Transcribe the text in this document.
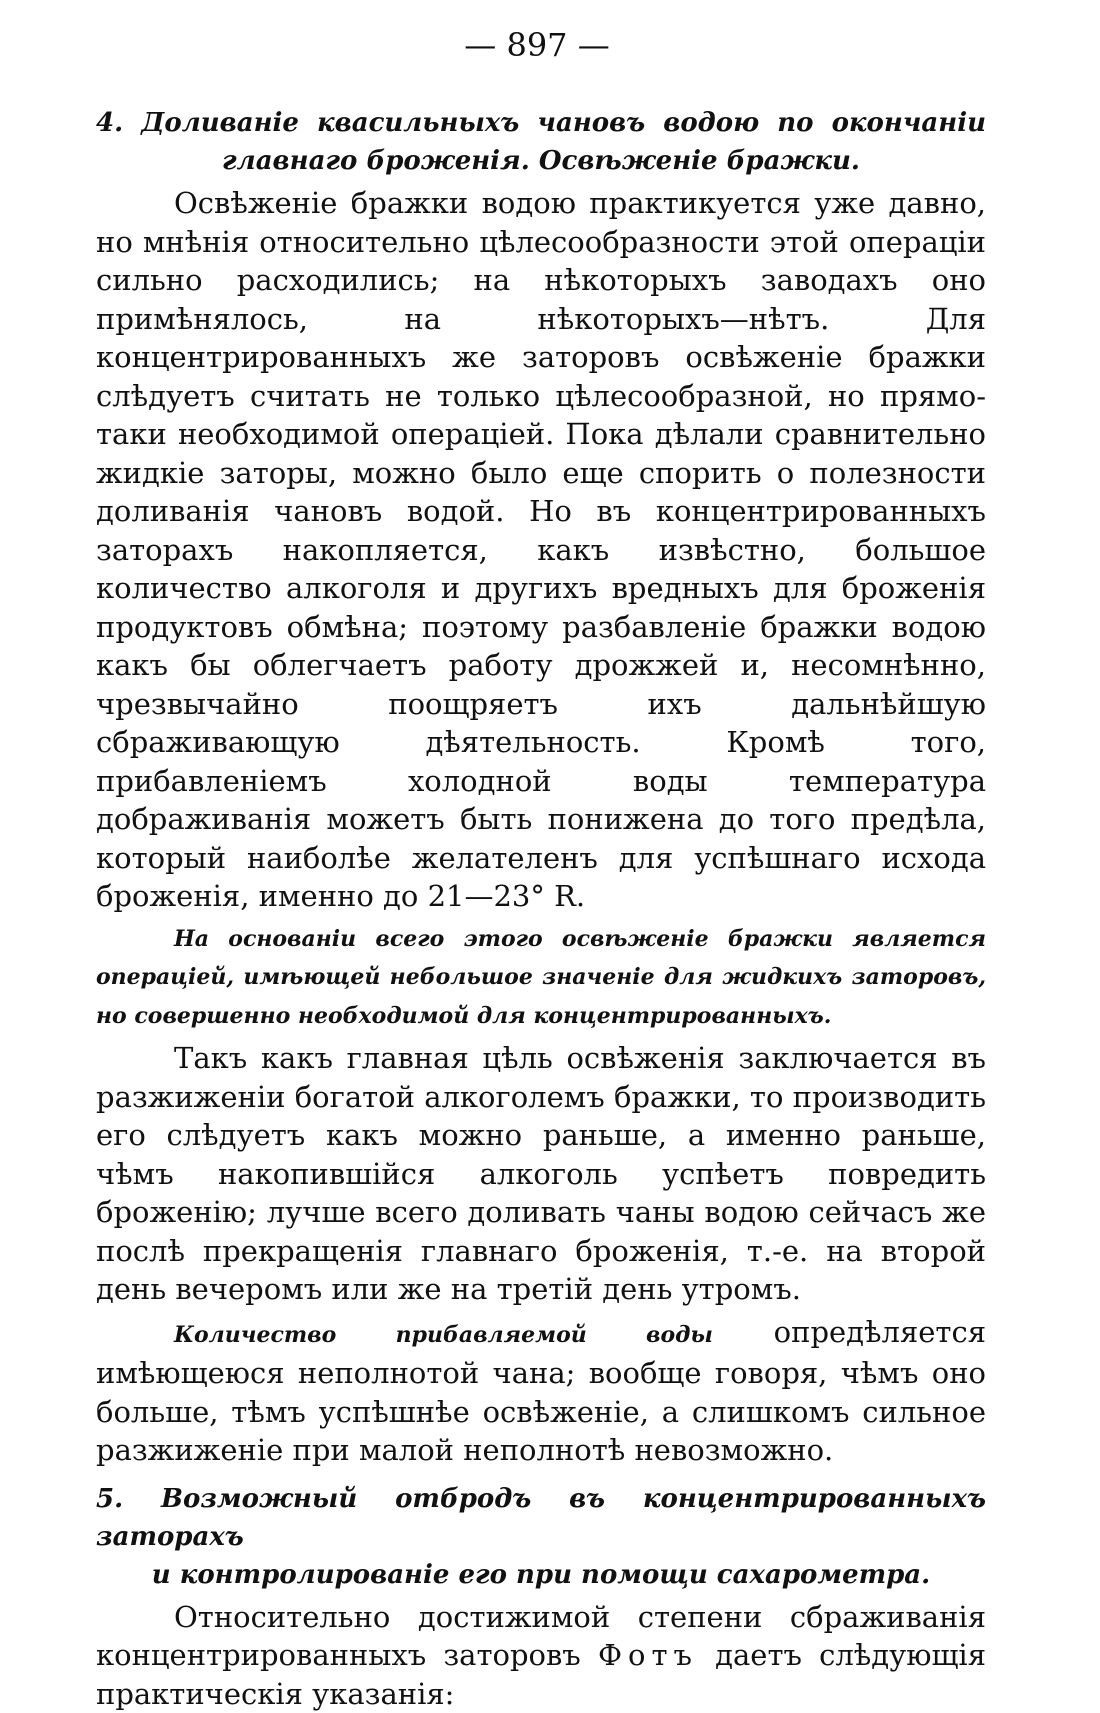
— 897 —
4. Доливаніе квасильныхъ чановъ водою по окончаніи
главнаго броженія. Освѣженіе бражки.

Освѣженіе бражки водою практикуется уже давно, но мнѣнія относительно цѣлесообразности этой операціи сильно расходились; на нѣкоторыхъ заводахъ оно примѣнялось, на нѣкоторыхъ—нѣтъ. Для концентрированныхъ же заторовъ освѣженіе бражки слѣдуетъ считать не только цѣлесообразной, но прямо-таки необходимой операціей. Пока дѣлали сравнительно жидкіе заторы, можно было еще спорить о полезности доливанія чановъ водой. Но въ концентрированныхъ заторахъ накопляется, какъ извѣстно, большое количество алкоголя и другихъ вредныхъ для броженія продуктовъ обмѣна; поэтому разбавленіе бражки водою какъ бы облегчаетъ работу дрожжей и, несомнѣнно, чрезвычайно поощряетъ ихъ дальнѣйшую сбраживающую дѣятельность. Кромѣ того, прибавленіемъ холодной воды температура дображиванія можетъ быть понижена до того предѣла, который наиболѣе желателенъ для успѣшнаго исхода броженія, именно до 21—23° R.

На основаніи всего этого освѣженіе бражки является операціей, имѣющей небольшое значеніе для жидкихъ заторовъ, но совершенно необходимой для концентрированныхъ.

Такъ какъ главная цѣль освѣженія заключается въ разжиженіи богатой алкоголемъ бражки, то производить его слѣдуетъ какъ можно раньше, а именно раньше, чѣмъ накопившійся алкоголь успѣетъ повредить броженію; лучше всего доливать чаны водою сейчасъ же послѣ прекращенія главнаго броженія, т.-е. на второй день вечеромъ или же на третій день утромъ.

Количество прибавляемой воды опредѣляется имѣющеюся неполнотой чана; вообще говоря, чѣмъ оно больше, тѣмъ успѣшнѣе освѣженіе, а слишкомъ сильное разжиженіе при малой неполнотѣ невозможно.

5. Возможный отбродъ въ концентрированныхъ заторахъ
и контролированіе его при помощи сахарометра.

Относительно достижимой степени сбраживанія концентрированныхъ заторовъ Фотъ даетъ слѣдующія практическія указанія:
